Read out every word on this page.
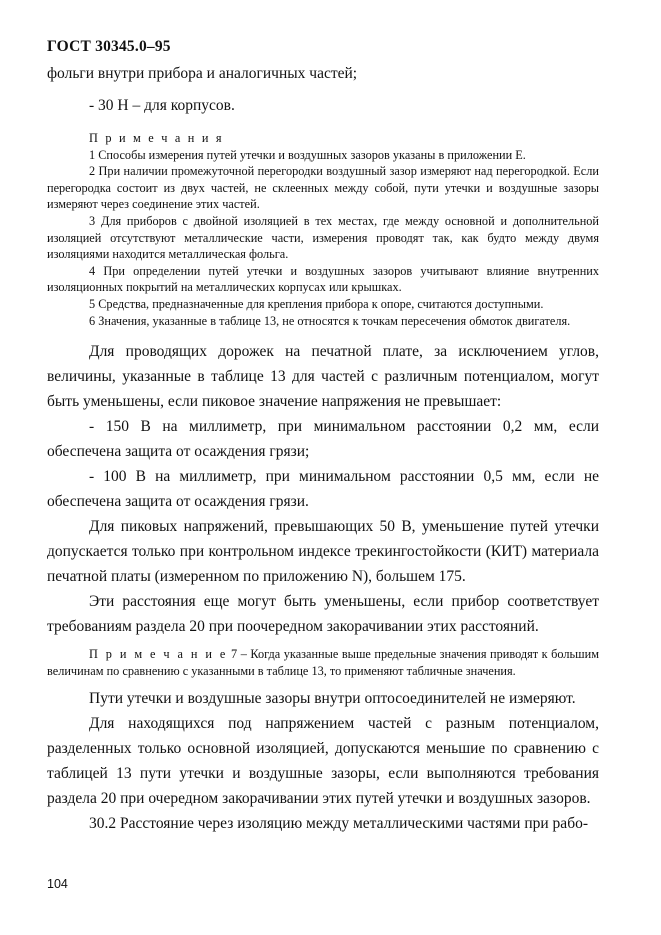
ГОСТ 30345.0–95

фольги внутри прибора и аналогичных частей;

- 30 Н – для корпусов.

П р и м е ч а н и я

1 Способы измерения путей утечки и воздушных зазоров указаны в приложении Е.

2 При наличии промежуточной перегородки воздушный зазор измеряют над перегородкой. Если перегородка состоит из двух частей, не склеенных между собой, пути утечки и воздушные зазоры измеряют через соединение этих частей.

3 Для приборов с двойной изоляцией в тех местах, где между основной и дополнительной изоляцией отсутствуют металлические части, измерения проводят так, как будто между двумя изоляциями находится металлическая фольга.

4 При определении путей утечки и воздушных зазоров учитывают влияние внутренних изоляционных покрытий на металлических корпусах или крышках.

5 Средства, предназначенные для крепления прибора к опоре, считаются доступными.

6 Значения, указанные в таблице 13, не относятся к точкам пересечения обмоток двигателя.

Для проводящих дорожек на печатной плате, за исключением углов, величины, указанные в таблице 13 для частей с различным потенциалом, могут быть уменьшены, если пиковое значение напряжения не превышает:

- 150 В на миллиметр, при минимальном расстоянии 0,2 мм, если обеспечена защита от осаждения грязи;

- 100 В на миллиметр, при минимальном расстоянии 0,5 мм, если не обеспечена защита от осаждения грязи.

Для пиковых напряжений, превышающих 50 В, уменьшение путей утечки допускается только при контрольном индексе трекингостойкости (КИТ) материала печатной платы (измеренном по приложению N), большем 175.

Эти расстояния еще могут быть уменьшены, если прибор соответствует требованиям раздела 20 при поочередном закорачивании этих расстояний.

П р и м е ч а н и е 7 – Когда указанные выше предельные значения приводят к большим величинам по сравнению с указанными в таблице 13, то применяют табличные значения.

Пути утечки и воздушные зазоры внутри оптосоединителей не измеряют.

Для находящихся под напряжением частей с разным потенциалом, разделенных только основной изоляцией, допускаются меньшие по сравнению с таблицей 13 пути утечки и воздушные зазоры, если выполняются требования раздела 20 при очередном закорачивании этих путей утечки и воздушных зазоров.

30.2 Расстояние через изоляцию между металлическими частями при рабо-

104
